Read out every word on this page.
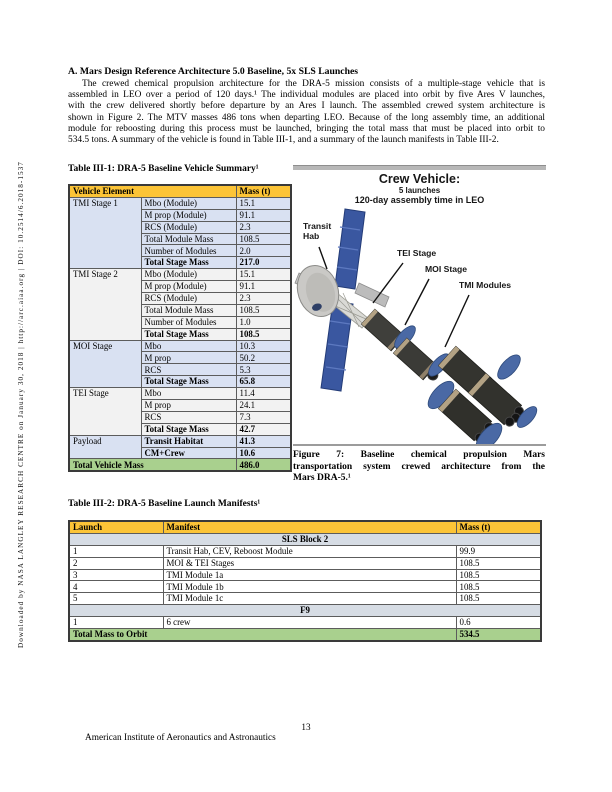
Downloaded by NASA LANGLEY RESEARCH CENTRE on January 30, 2018 | http://arc.aiaa.org | DOI: 10.2514/6.2018-1537
A. Mars Design Reference Architecture 5.0 Baseline, 5x SLS Launches
The crewed chemical propulsion architecture for the DRA-5 mission consists of a multiple-stage vehicle that is
assembled in LEO over a period of 120 days.¹ The individual modules are placed into orbit by five Ares V launches,
with the crew delivered shortly before departure by an Ares I launch. The assembled crewed system architecture is
shown in Figure 2. The MTV masses 486 tons when departing LEO. Because of the long assembly time, an additional
module for reboosting during this process must be launched, bringing the total mass that must be placed into orbit to
534.5 tons. A summary of the vehicle is found in Table III-1, and a summary of the launch manifests in Table III-2.
Table III-1: DRA-5 Baseline Vehicle Summary¹
Vehicle Element		Mass (t)
TMI Stage 1	Mbo (Module)	15.1
	M prop (Module)	91.1
	RCS (Module)	2.3
	Total Module Mass	108.5
	Number of Modules	2.0
	Total Stage Mass	217.0
TMI Stage 2	Mbo (Module)	15.1
	M prop (Module)	91.1
	RCS (Module)	2.3
	Total Module Mass	108.5
	Number of Modules	1.0
	Total Stage Mass	108.5
MOI Stage	Mbo	10.3
	M prop	50.2
	RCS	5.3
	Total Stage Mass	65.8
TEI Stage	Mbo	11.4
	M prop	24.1
	RCS	7.3
	Total Stage Mass	42.7
Payload	Transit Habitat	41.3
	CM+Crew	10.6
Total Vehicle Mass		486.0
Crew Vehicle:
5 launches
120-day assembly time in LEO
Transit
Hab
TEI Stage
MOI Stage
TMI Modules
Figure 7: Baseline chemical propulsion Mars
transportation system crewed architecture from the
Mars DRA-5.¹
Table III-2: DRA-5 Baseline Launch Manifests¹
Launch	Manifest	Mass (t)
SLS Block 2		
1	Transit Hab, CEV, Reboost Module	99.9
2	MOI & TEI Stages	108.5
3	TMI Module 1a	108.5
4	TMI Module 1b	108.5
5	TMI Module 1c	108.5
F9		
1	6 crew	0.6
Total Mass to Orbit		534.5
13
American Institute of Aeronautics and Astronautics
